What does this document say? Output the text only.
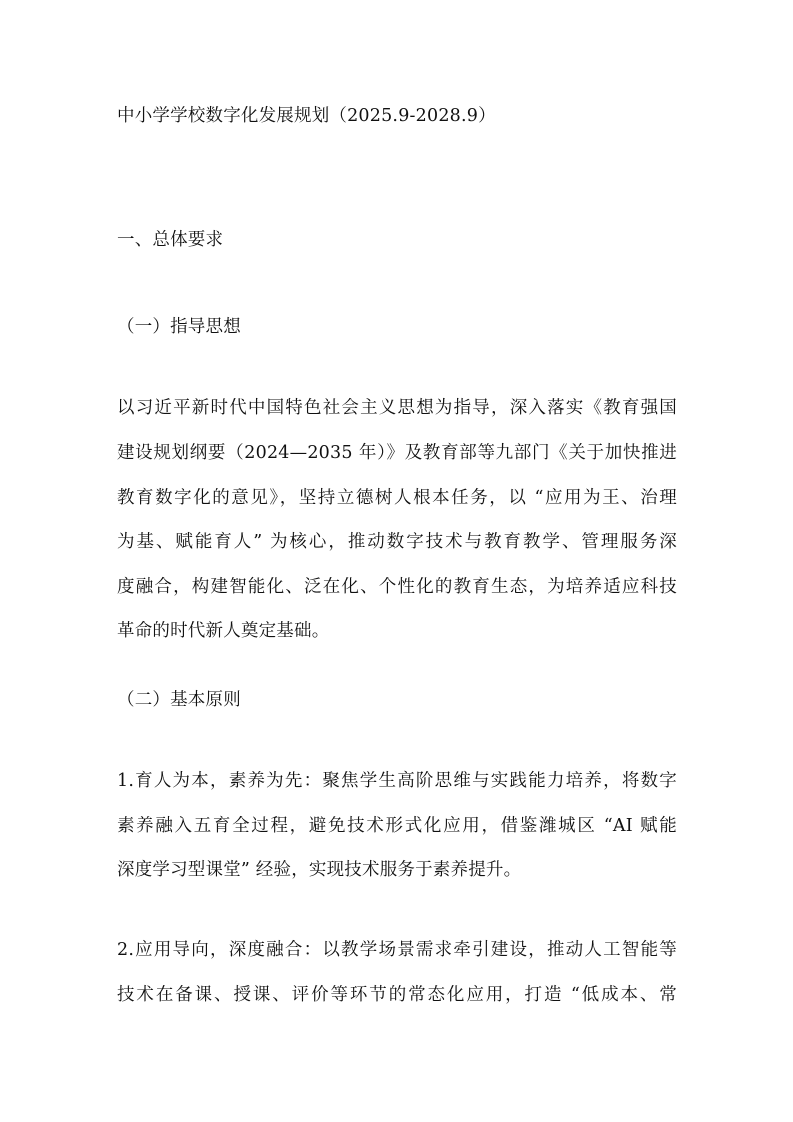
中小学学校数字化发展规划（2025.9-2028.9）
一、总体要求
（一）指导思想
以习近平新时代中国特色社会主义思想为指导，深入落实《教育强国
建设规划纲要（2024—2035 年）》及教育部等九部门《关于加快推进
教育数字化的意见》，坚持立德树人根本任务，以 “应用为王、治理
为基、赋能育人” 为核心，推动数字技术与教育教学、管理服务深
度融合，构建智能化、泛在化、个性化的教育生态，为培养适应科技
革命的时代新人奠定基础。
（二）基本原则
1.育人为本，素养为先：聚焦学生高阶思维与实践能力培养，将数字
素养融入五育全过程，避免技术形式化应用，借鉴潍城区 “AI 赋能
深度学习型课堂” 经验，实现技术服务于素养提升。
2.应用导向，深度融合：以教学场景需求牵引建设，推动人工智能等
技术在备课、授课、评价等环节的常态化应用，打造 “低成本、常
